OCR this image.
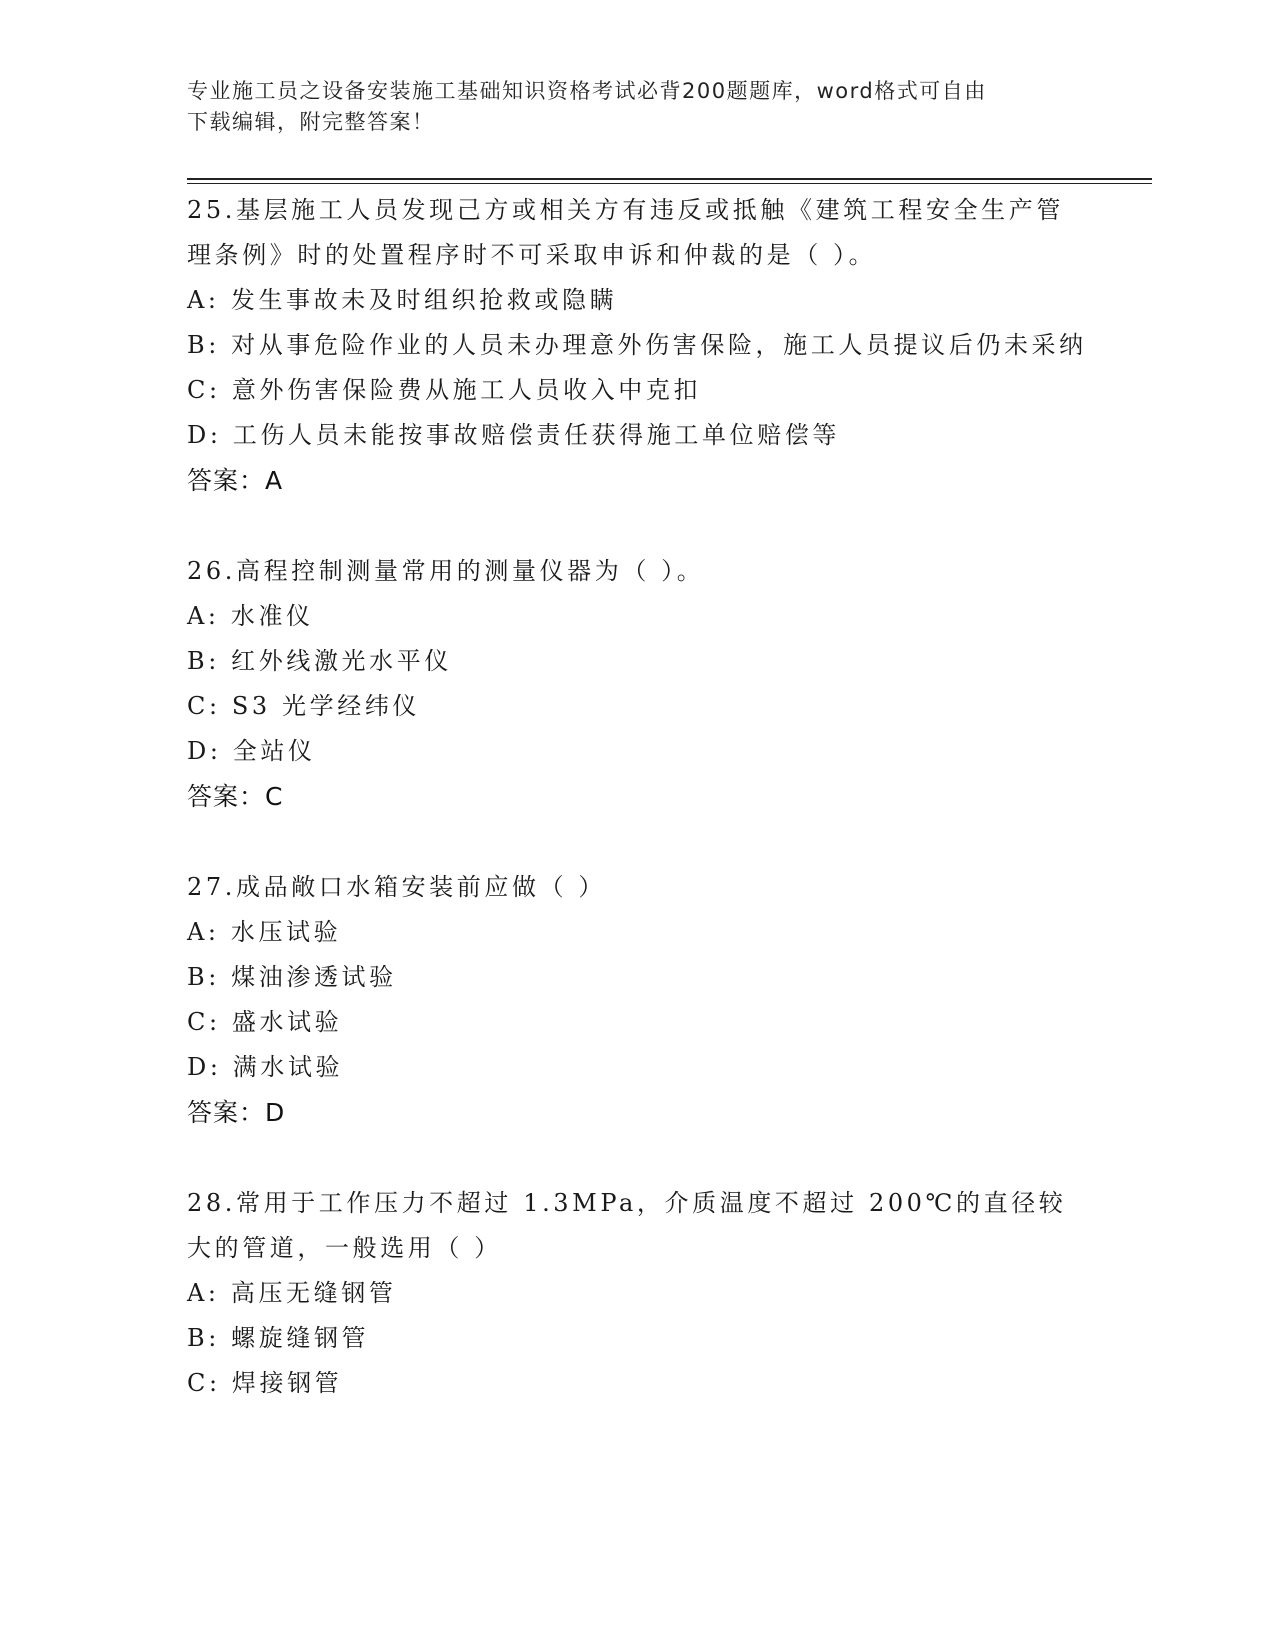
专业施工员之设备安装施工基础知识资格考试必背200题题库，word格式可自由
下载编辑，附完整答案！

25.基层施工人员发现己方或相关方有违反或抵触《建筑工程安全生产管理条例》时的处置程序时不可采取申诉和仲裁的是（ ）。

A: 发生事故未及时组织抢救或隐瞒

B: 对从事危险作业的人员未办理意外伤害保险，施工人员提议后仍未采纳

C: 意外伤害保险费从施工人员收入中克扣

D: 工伤人员未能按事故赔偿责任获得施工单位赔偿等

答案：A

26.高程控制测量常用的测量仪器为（ ）。

A: 水准仪

B: 红外线激光水平仪

C: S3 光学经纬仪

D: 全站仪

答案：C

27.成品敞口水箱安装前应做（ ）

A: 水压试验

B: 煤油渗透试验

C: 盛水试验

D: 满水试验

答案：D

28.常用于工作压力不超过 1.3MPa，介质温度不超过 200℃的直径较大的管道，一般选用（ ）

A: 高压无缝钢管

B: 螺旋缝钢管

C: 焊接钢管
